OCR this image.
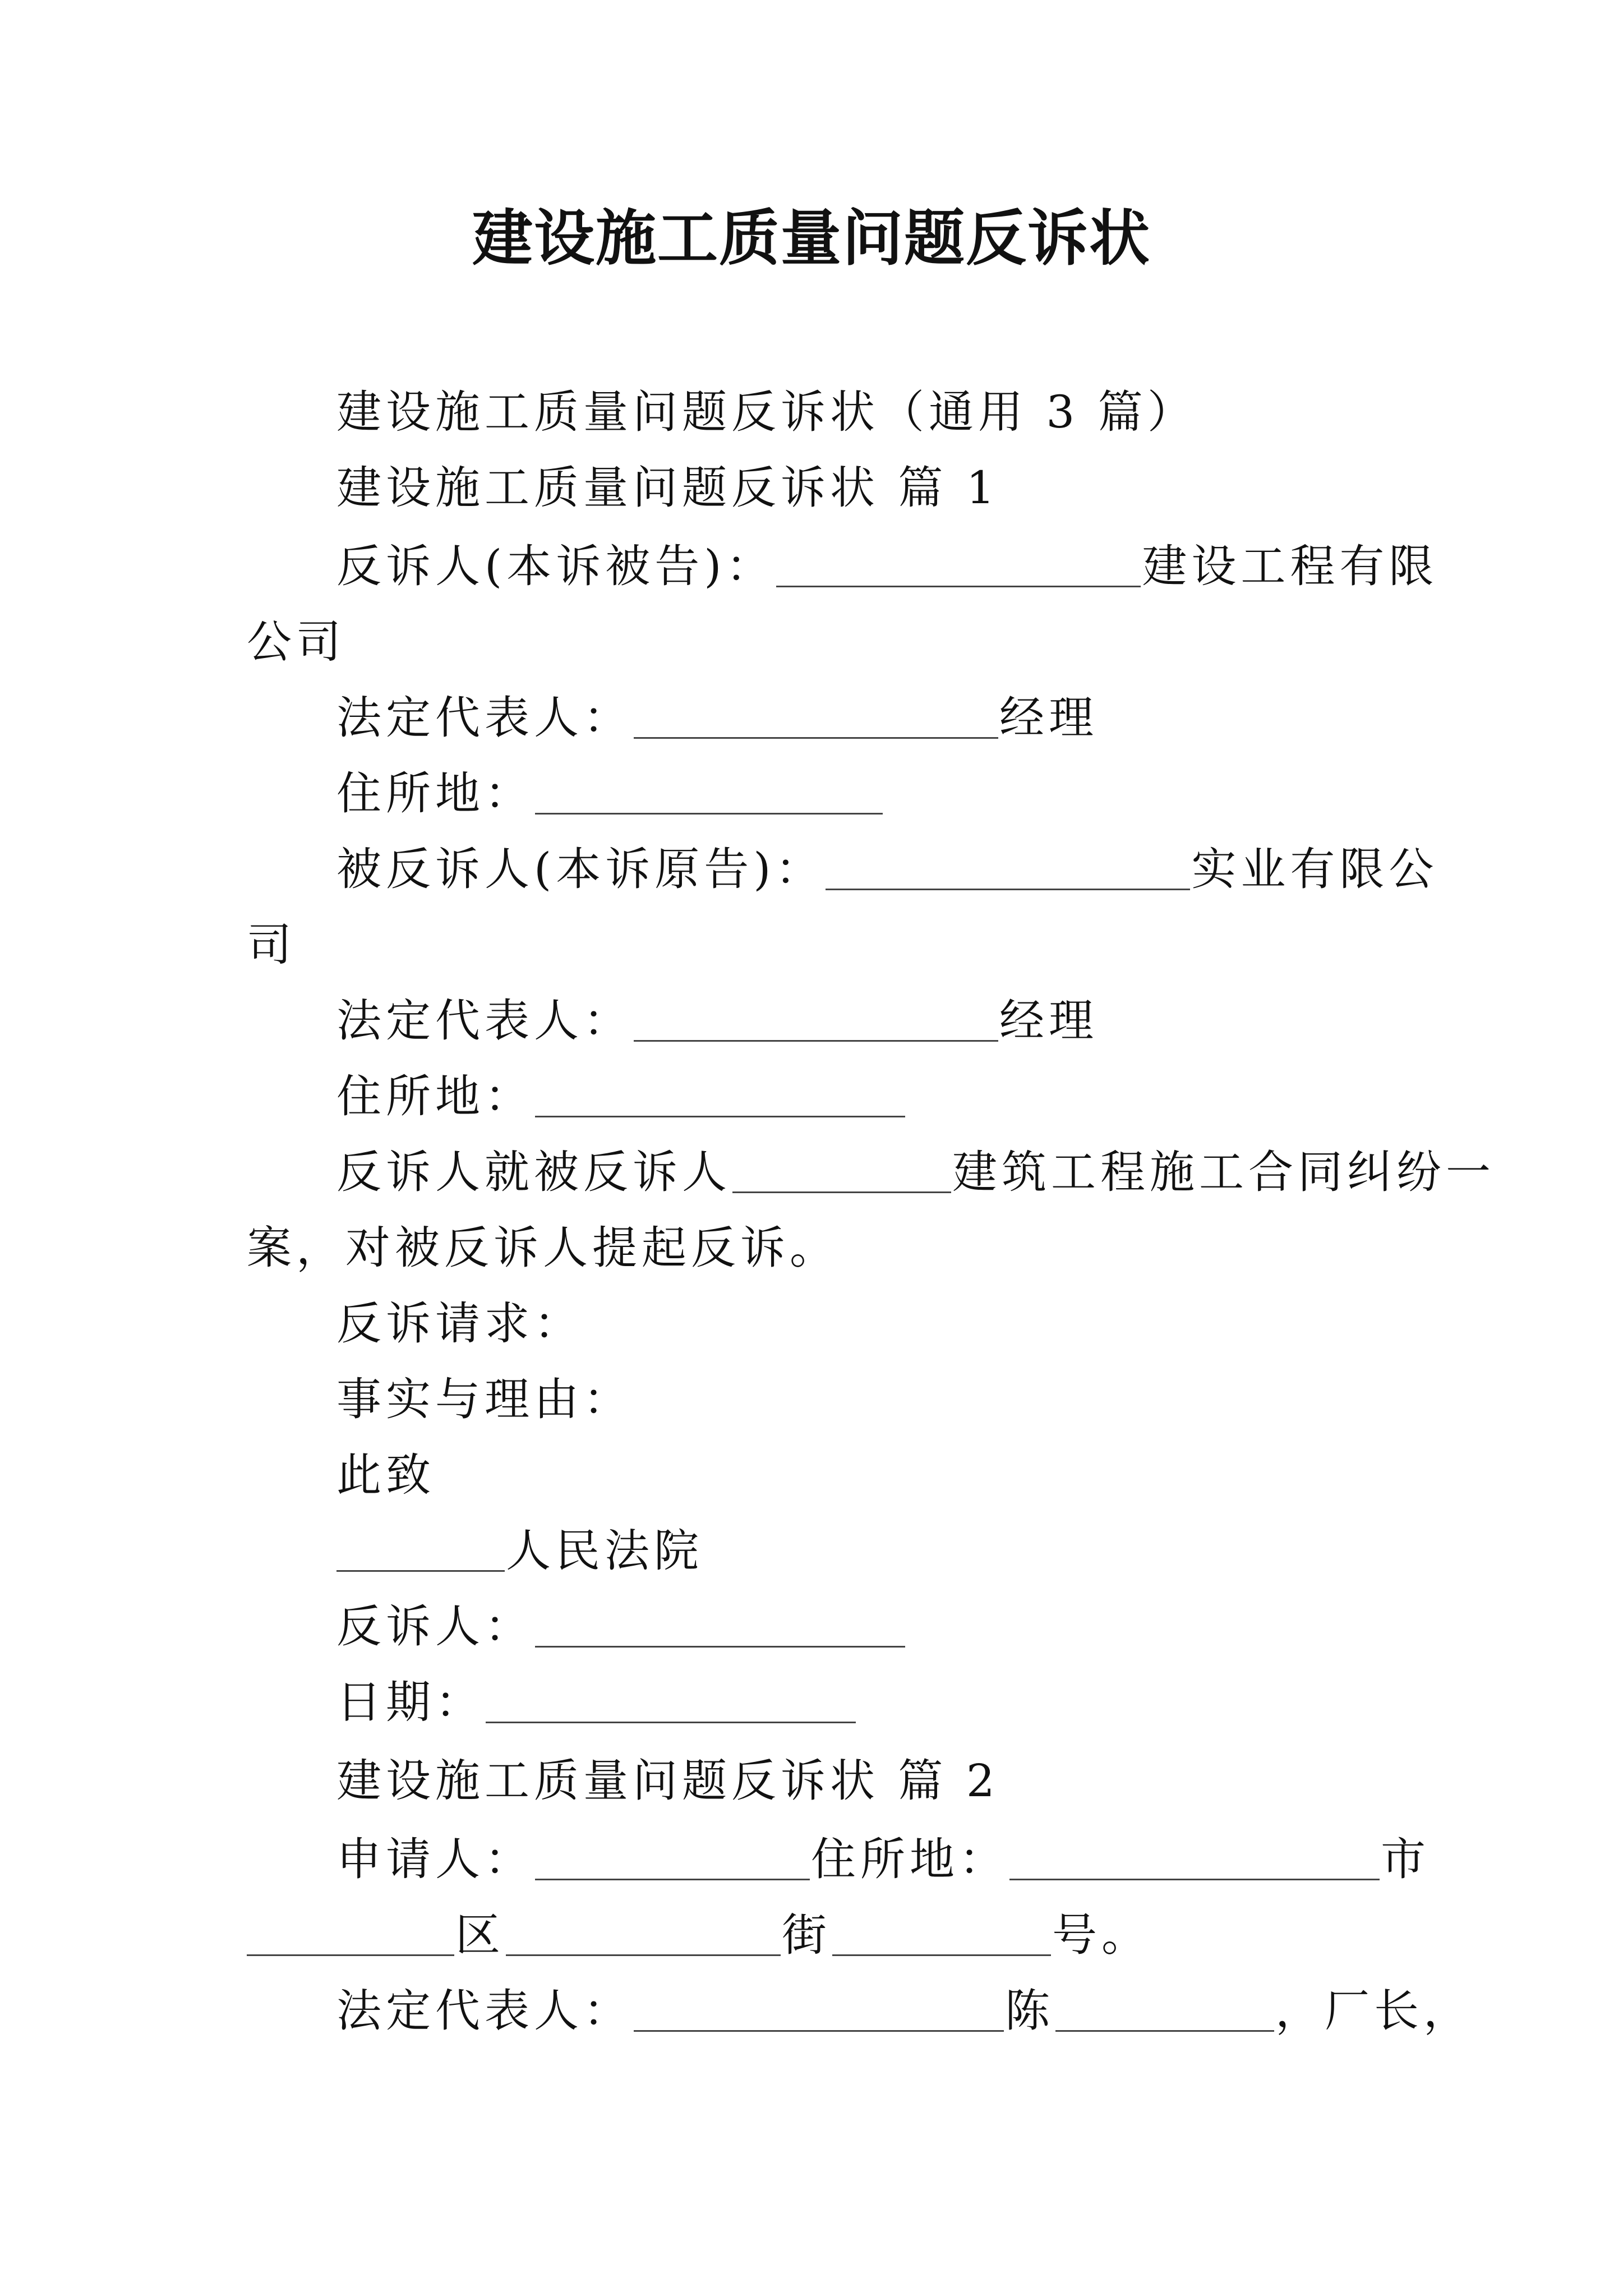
建设施工质量问题反诉状
建设施工质量问题反诉状（通用 3 篇）
建设施工质量问题反诉状 篇 1
反诉人(本诉被告)：	建设工程有限
公司
法定代表人：	经理
住所地：
被反诉人(本诉原告)：	实业有限公
司
法定代表人：	经理
住所地：
反诉人就被反诉人	建筑工程施工合同纠纷一
案，对被反诉人提起反诉。
反诉请求：
事实与理由：
此致
人民法院
反诉人：
日期：
建设施工质量问题反诉状 篇 2
申请人：	住所地：	市
区	街	号。
法定代表人：	陈	，厂长，
